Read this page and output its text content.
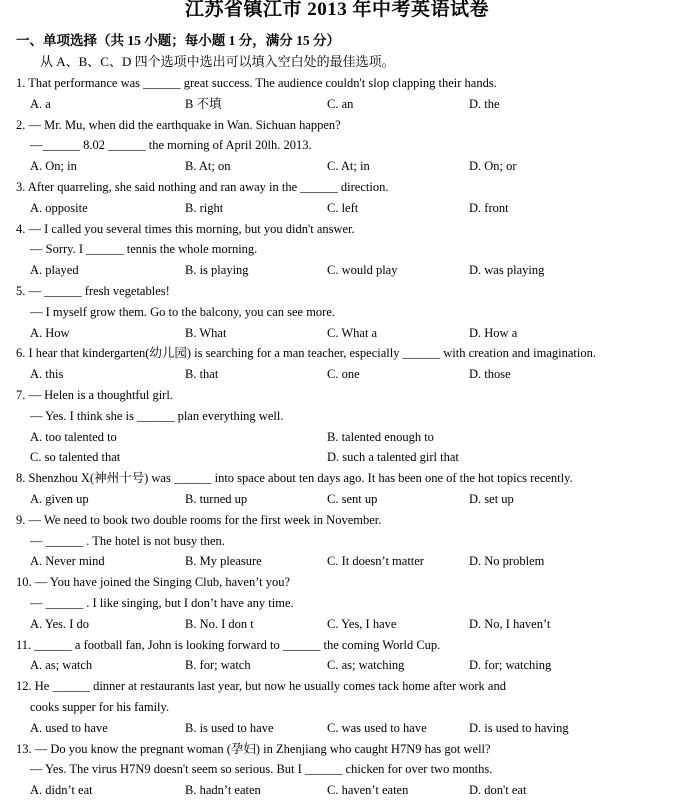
江苏省镇江市 2013 年中考英语试卷
一、单项选择（共 15 小题；每小题 1 分，满分 15 分）
从 A、B、C、D 四个选项中选出可以填入空白处的最佳选项。
1. That performance was ______ great success. The audience couldn't slop clapping their hands.
A. a	B 不填	C. an	D. the
2. — Mr. Mu, when did the earthquake in Wan. Sichuan happen?
—______ 8.02 ______ the morning of April 20lh. 2013.
A. On; in	B. At; on	C. At; in	D. On; or
3. After quarreling, she said nothing and ran away in the ______ direction.
A. opposite	B. right	C. left	D. front
4. — I called you several times this morning, but you didn't answer.
— Sorry. I ______ tennis the whole morning.
A. played	B. is playing	C. would play	D. was playing
5. — ______ fresh vegetables!
— I myself grow them. Go to the balcony, you can see more.
A. How	B. What	C. What a	D. How a
6. I hear that kindergarten(幼儿园) is searching for a man teacher, especially ______ with creation and imagination.
A. this	B. that	C. one	D. those
7. — Helen is a thoughtful girl.
— Yes. I think she is ______ plan everything well.
A. too talented to	B. talented enough to
C. so talented that	D. such a talented girl that
8. Shenzhou X(神州十号) was ______ into space about ten days ago. It has been one of the hot topics recently.
A. given up	B. turned up	C. sent up	D. set up
9. — We need to book two double rooms for the first week in November.
— ______ . The hotel is not busy then.
A. Never mind	B. My pleasure	C. It doesn’t matter	D. No problem
10. — You have joined the Singing Club, haven’t you?
— ______ . I like singing, but I don’t have any time.
A. Yes. I do	B. No. I don t	C. Yes, I have	D. No, I haven’t
11. ______ a football fan, John is looking forward to ______ the coming World Cup.
A. as; watch	B. for; watch	C. as; watching	D. for; watching
12. He ______ dinner at restaurants last year, but now he usually comes tack home after work and
cooks supper for his family.
A. used to have	B. is used to have	C. was used to have	D. is used to having
13. — Do you know the pregnant woman (孕妇) in Zhenjiang who caught H7N9 has got well?
— Yes. The virus H7N9 doesn't seem so serious. But I ______ chicken for over two months.
A. didn’t eat	B. hadn’t eaten	C. haven’t eaten	D. don't eat
